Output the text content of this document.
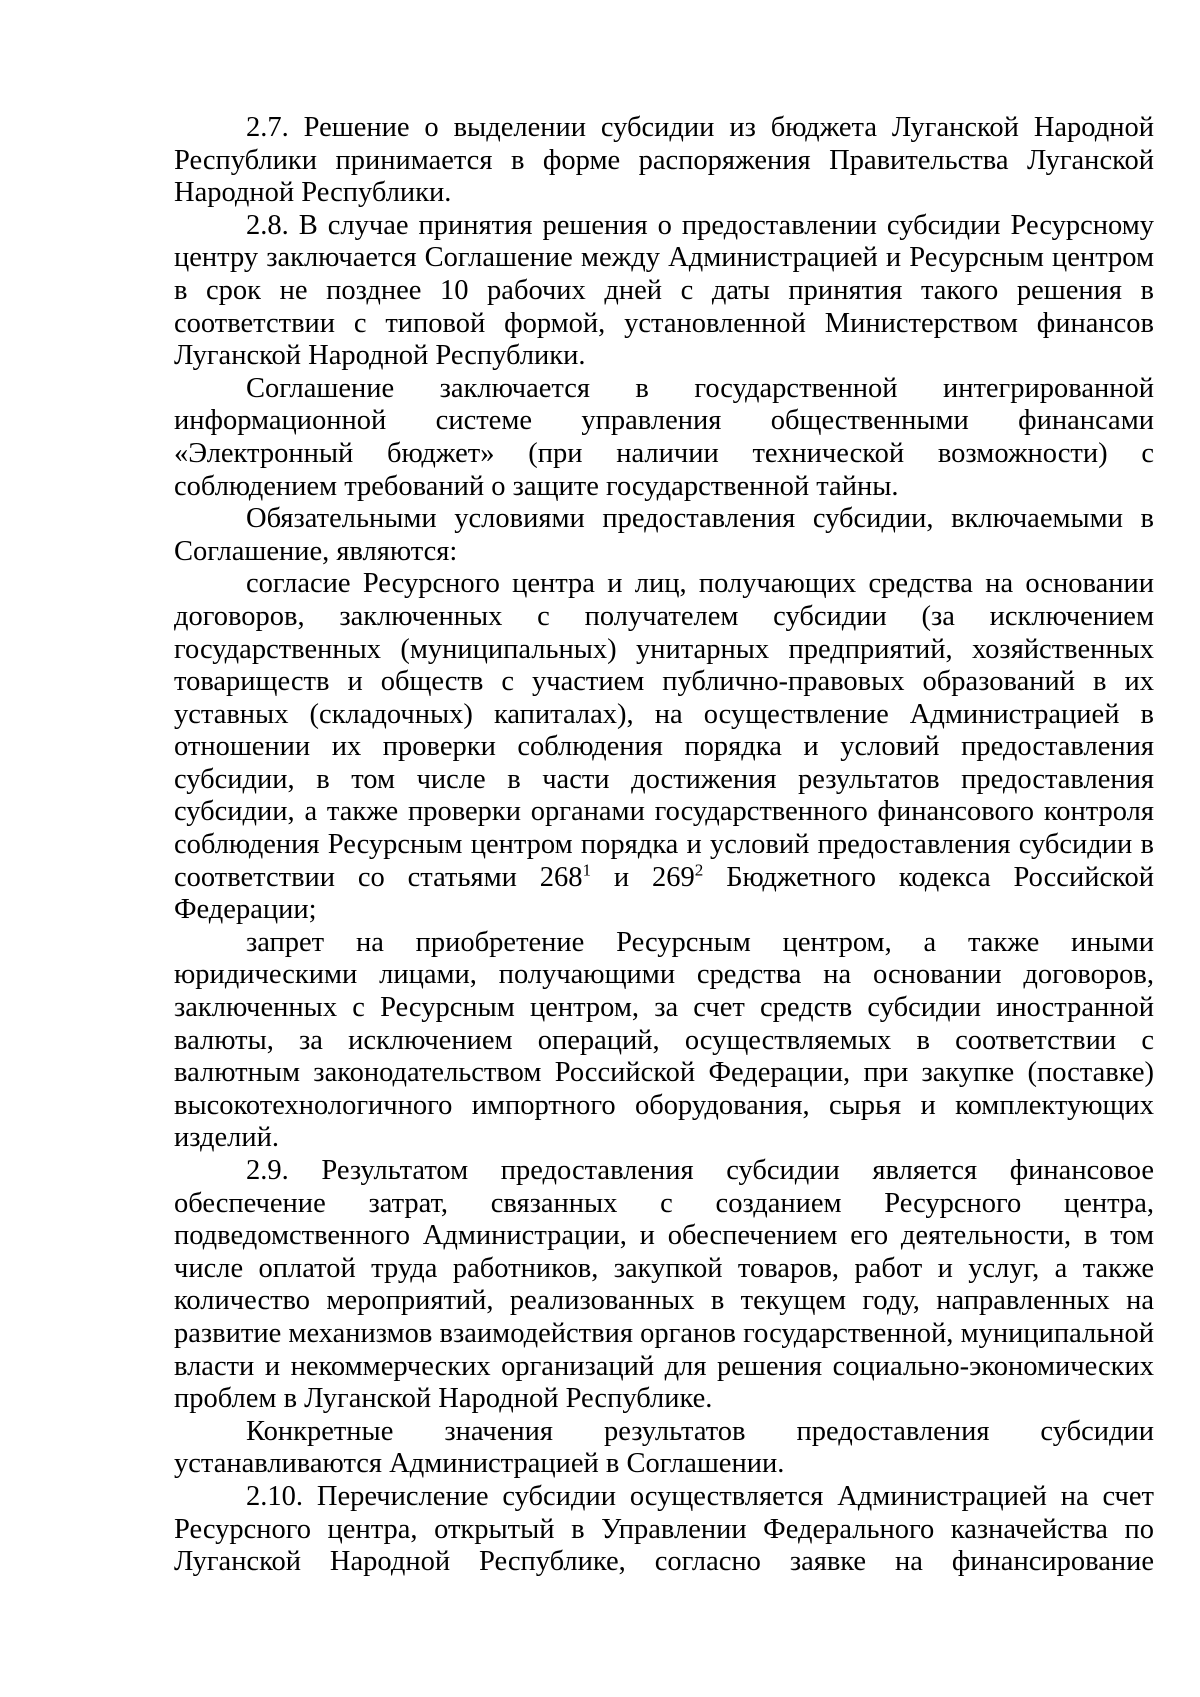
2.7. Решение о выделении субсидии из бюджета Луганской Народной Республики принимается в форме распоряжения Правительства Луганской Народной Республики.

2.8. В случае принятия решения о предоставлении субсидии Ресурсному центру заключается Соглашение между Администрацией и Ресурсным центром в срок не позднее 10 рабочих дней с даты принятия такого решения в соответствии с типовой формой, установленной Министерством финансов Луганской Народной Республики.

Соглашение заключается в государственной интегрированной информационной системе управления общественными финансами «Электронный бюджет» (при наличии технической возможности) с соблюдением требований о защите государственной тайны.

Обязательными условиями предоставления субсидии, включаемыми в Соглашение, являются:

согласие Ресурсного центра и лиц, получающих средства на основании договоров, заключенных с получателем субсидии (за исключением государственных (муниципальных) унитарных предприятий, хозяйственных товариществ и обществ с участием публично-правовых образований в их уставных (складочных) капиталах), на осуществление Администрацией в отношении их проверки соблюдения порядка и условий предоставления субсидии, в том числе в части достижения результатов предоставления субсидии, а также проверки органами государственного финансового контроля соблюдения Ресурсным центром порядка и условий предоставления субсидии в соответствии со статьями $268^1$ и $269^2$ Бюджетного кодекса Российской Федерации;

запрет на приобретение Ресурсным центром, а также иными юридическими лицами, получающими средства на основании договоров, заключенных с Ресурсным центром, за счет средств субсидии иностранной валюты, за исключением операций, осуществляемых в соответствии с валютным законодательством Российской Федерации, при закупке (поставке) высокотехнологичного импортного оборудования, сырья и комплектующих изделий.

2.9. Результатом предоставления субсидии является финансовое обеспечение затрат, связанных с созданием Ресурсного центра, подведомственного Администрации, и обеспечением его деятельности, в том числе оплатой труда работников, закупкой товаров, работ и услуг, а также количество мероприятий, реализованных в текущем году, направленных на развитие механизмов взаимодействия органов государственной, муниципальной власти и некоммерческих организаций для решения социально-экономических проблем в Луганской Народной Республике.

Конкретные значения результатов предоставления субсидии устанавливаются Администрацией в Соглашении.

2.10. Перечисление субсидии осуществляется Администрацией на счет Ресурсного центра, открытый в Управлении Федерального казначейства по Луганской Народной Республике, согласно заявке на финансирование
